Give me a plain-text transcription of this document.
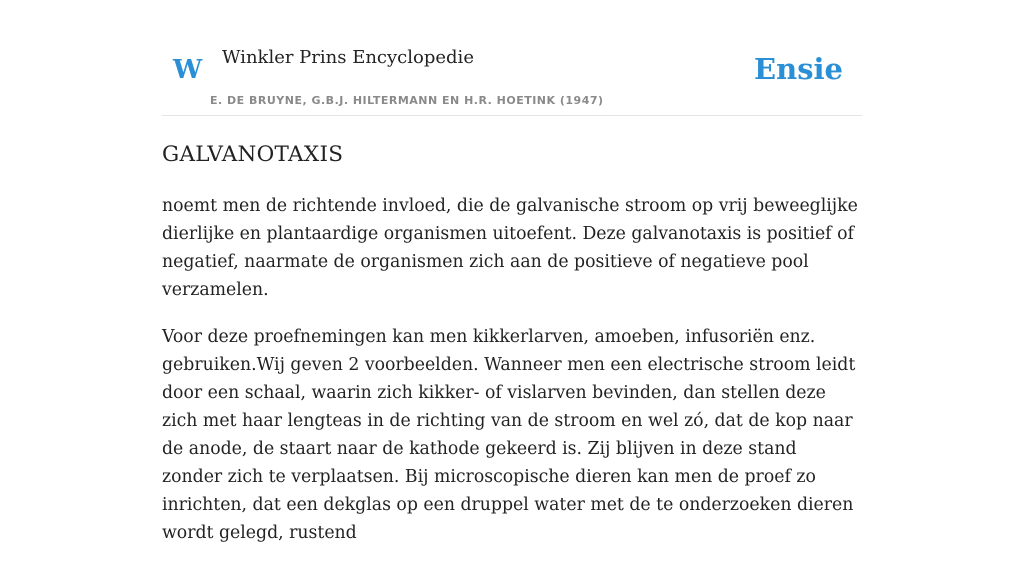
W Winkler Prins Encyclopedie
E. DE BRUYNE, G.B.J. HILTERMANN EN H.R. HOETINK (1947)
Ensie
GALVANOTAXIS

noemt men de richtende invloed, die de galvanische stroom op vrij beweeglijke dierlijke en plantaardige organismen uitoefent. Deze galvanotaxis is positief of negatief, naarmate de organismen zich aan de positieve of negatieve pool verzamelen.

Voor deze proefnemingen kan men kikkerlarven, amoeben, infusoriën enz. gebruiken.Wij geven 2 voorbeelden. Wanneer men een electrische stroom leidt door een schaal, waarin zich kikker- of vislarven bevinden, dan stellen deze zich met haar lengteas in de richting van de stroom en wel zó, dat de kop naar de anode, de staart naar de kathode gekeerd is. Zij blijven in deze stand zonder zich te verplaatsen. Bij microscopische dieren kan men de proef zo inrichten, dat een dekglas op een druppel water met de te onderzoeken dieren wordt gelegd, rustend
